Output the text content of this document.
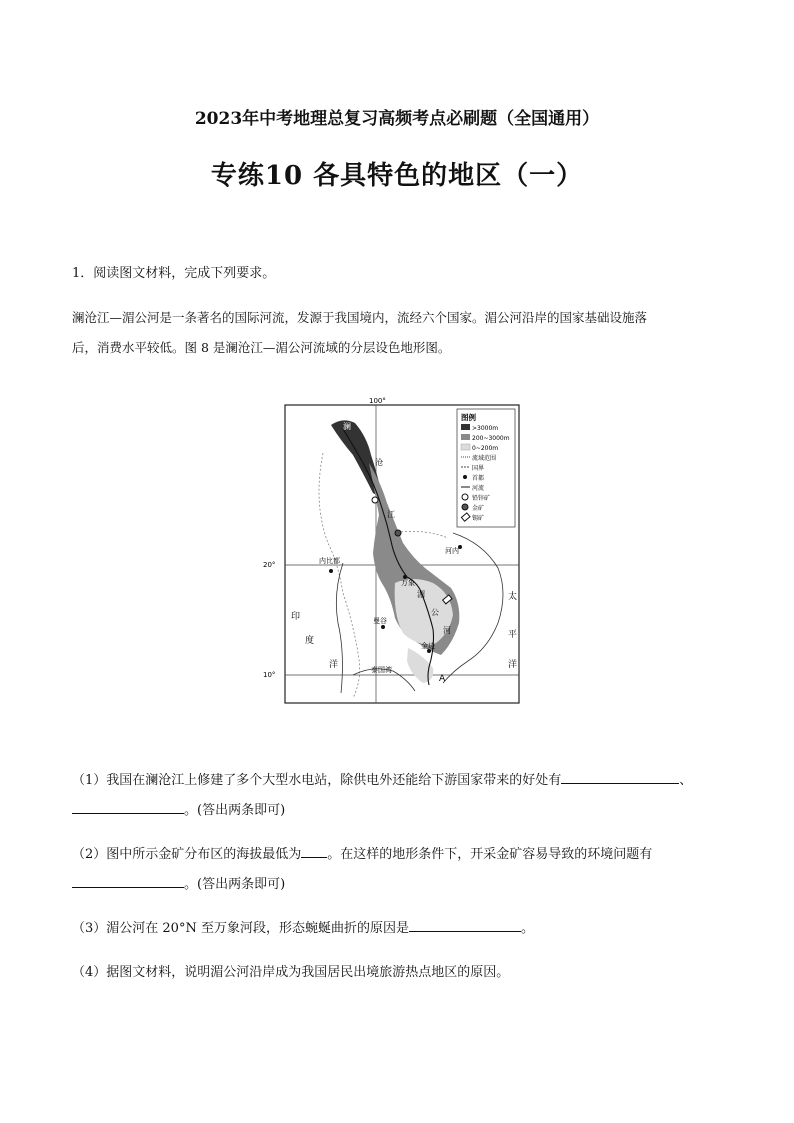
2023年中考地理总复习高频考点必刷题（全国通用）
专练10 各具特色的地区（一）
1．阅读图文材料，完成下列要求。
澜沧江—湄公河是一条著名的国际河流，发源于我国境内，流经六个国家。湄公河沿岸的国家基础设施落
后，消费水平较低。图 8 是澜沧江—湄公河流域的分层设色地形图。
图例
>3000m
200~3000m
0~200m
流域范围
国界
首都
河流
铅锌矿
金矿
锡矿
100°
20°
10°
澜
沧
江
河内
内比都
万象
湄
公
河
曼谷
金边
泰国湾
A
印
度
洋
太
平
洋
（1）我国在澜沧江上修建了多个大型水电站，除供电外还能给下游国家带来的好处有	、
。(答出两条即可)
（2）图中所示金矿分布区的海拔最低为 。在这样的地形条件下，开采金矿容易导致的环境问题有
。(答出两条即可)
（3）湄公河在 20°N 至万象河段，形态蜿蜒曲折的原因是	。
（4）据图文材料，说明湄公河沿岸成为我国居民出境旅游热点地区的原因。
